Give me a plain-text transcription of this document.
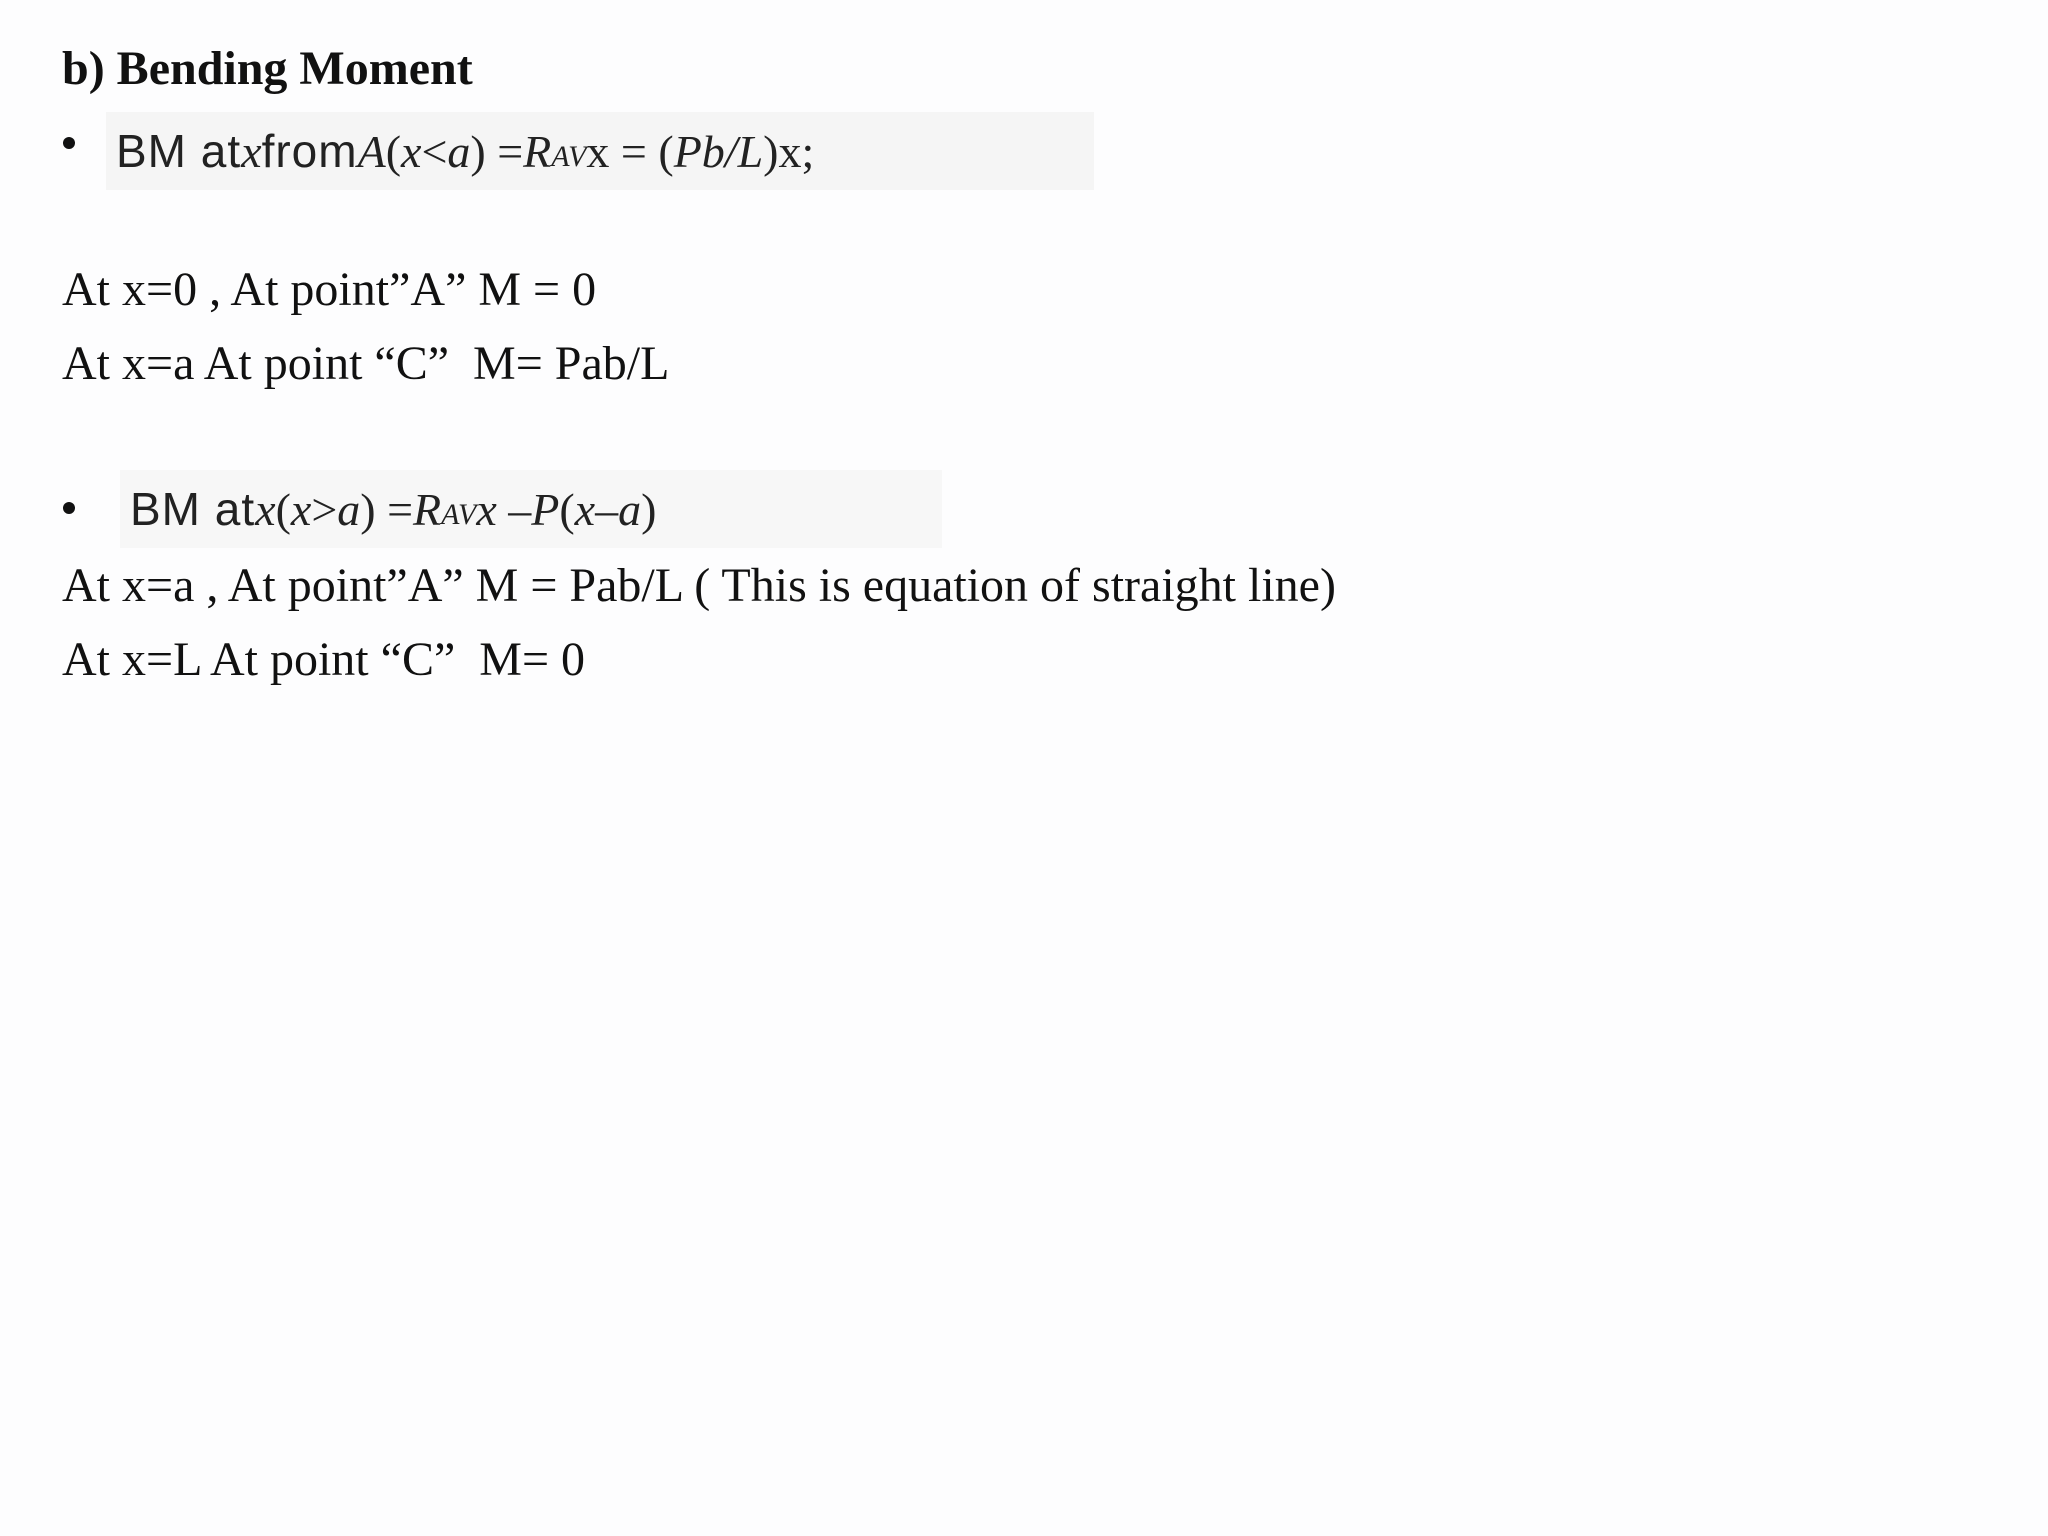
b) Bending Moment
BM at x from A ( x < a ) = $R_{AV}$ x = ( Pb/L )x;
At x=0 , At point”A” M = 0
At x=a At point “C”  M= Pab/L
BM at x ( x > a ) = $R_{AV}$ x – P ( x – a )
At x=a , At point”A” M = Pab/L ( This is equation of straight line)
At x=L At point “C”  M= 0
